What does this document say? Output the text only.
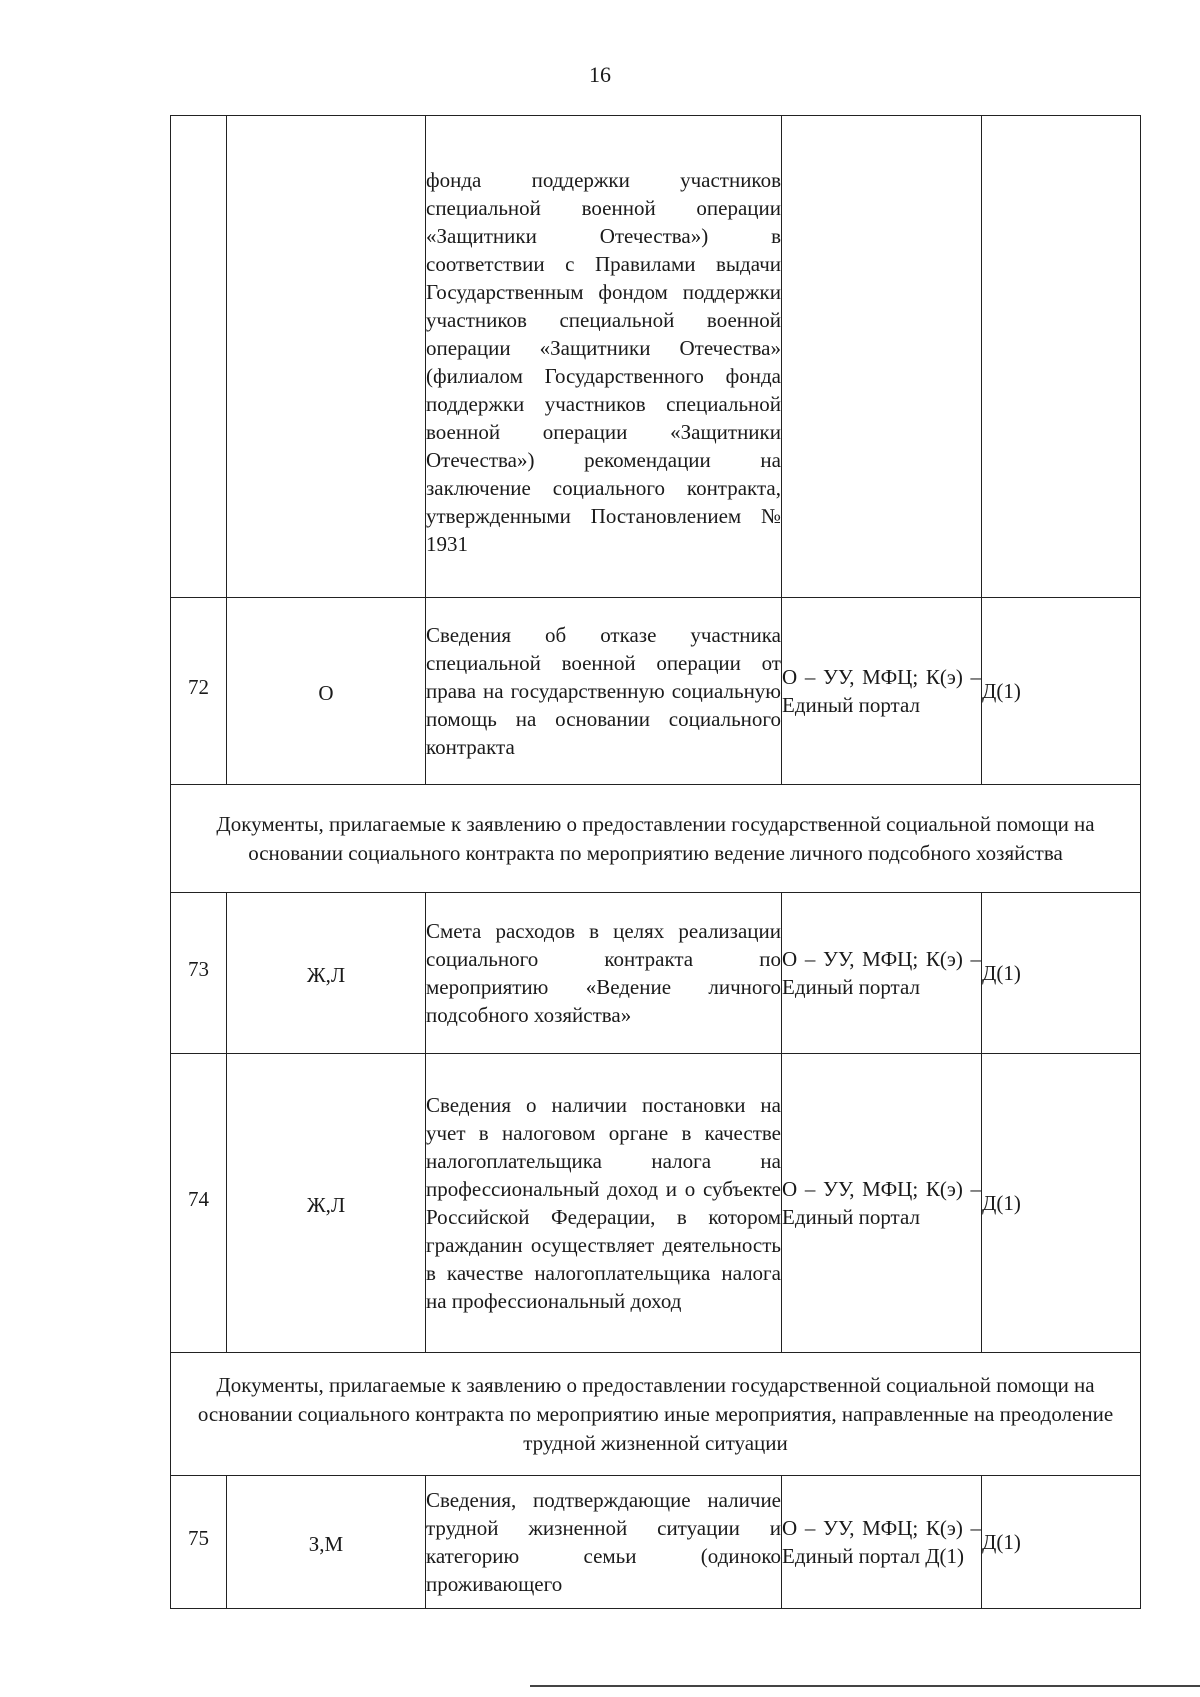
16
		фонда поддержки участников специальной военной операции «Защитники Отечества») в соответствии с Правилами выдачи Государственным фондом поддержки участников специальной военной операции «Защитники Отечества» (филиалом Государственного фонда поддержки участников специальной военной операции «Защитники Отечества») рекомендации на заключение социального контракта, утвержденными Постановлением № 1931		

72	О	Сведения об отказе участника специальной военной операции от права на государственную социальную помощь на основании социального контракта	О – УУ, МФЦ; К(э) – Единый портал	Д(1)
Документы, прилагаемые к заявлению о предоставлении государственной социальной помощи на основании социального контракта по мероприятию ведение личного подсобного хозяйства				

73	Ж,Л	Смета расходов в целях реализации социального контракта по мероприятию «Ведение личного подсобного хозяйства»	О – УУ, МФЦ; К(э) – Единый портал	Д(1)

74	Ж,Л	Сведения о наличии постановки на учет в налоговом органе в качестве налогоплательщика налога на профессиональный доход и о субъекте Российской Федерации, в котором гражданин осуществляет деятельность в качестве налогоплательщика налога на профессиональный доход	О – УУ, МФЦ; К(э) – Единый портал	Д(1)
Документы, прилагаемые к заявлению о предоставлении государственной социальной помощи на основании социального контракта по мероприятию иные мероприятия, направленные на преодоление трудной жизненной ситуации				

75	З,М	Сведения, подтверждающие наличие трудной жизненной ситуации и категорию семьи (одиноко проживающего	О – УУ, МФЦ; К(э) – Единый портал Д(1)	Д(1)
